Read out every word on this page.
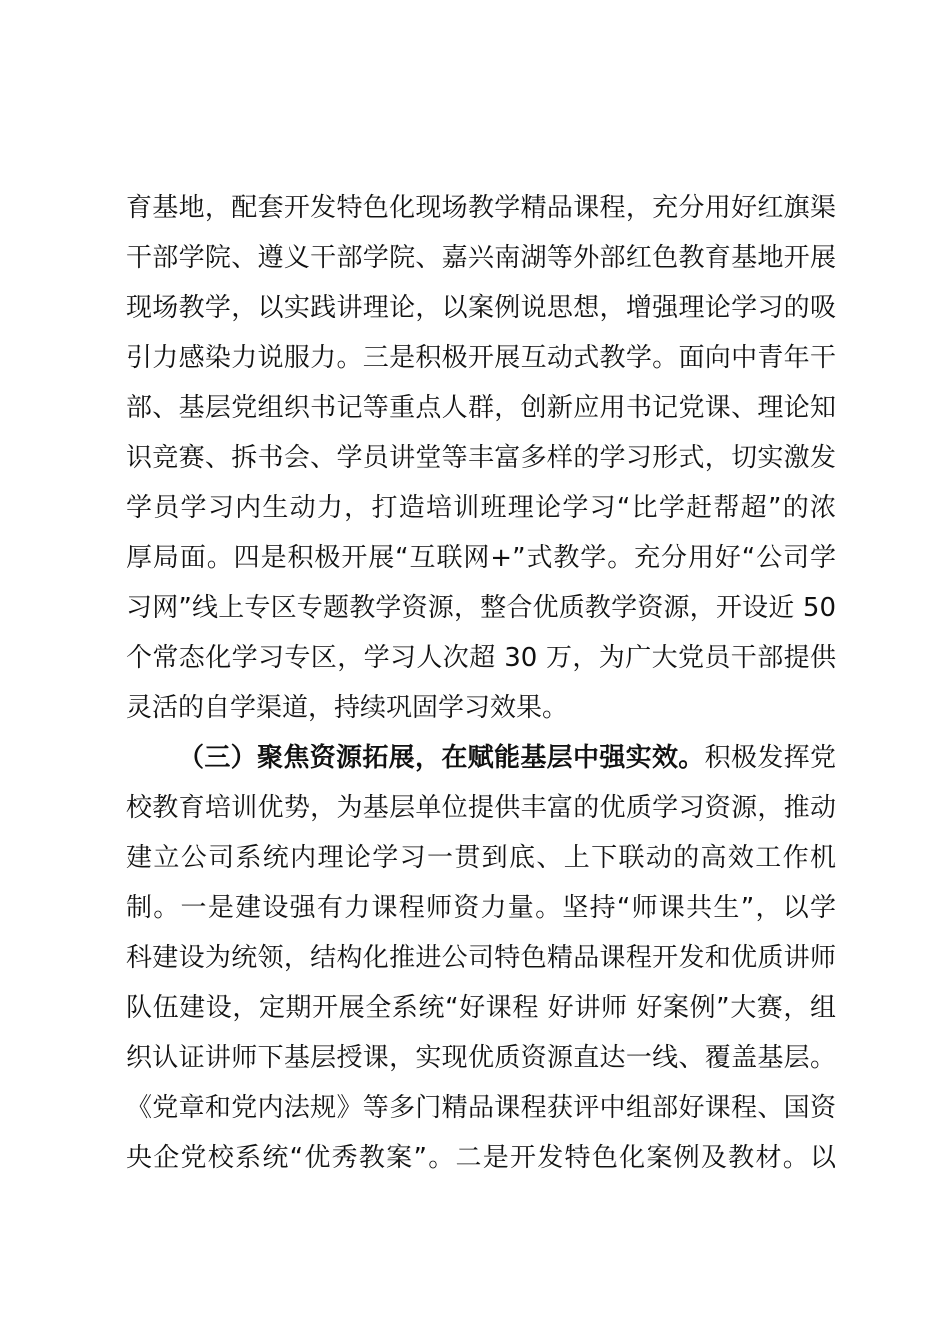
育基地，配套开发特色化现场教学精品课程，充分用好红旗渠
干部学院、遵义干部学院、嘉兴南湖等外部红色教育基地开展
现场教学，以实践讲理论，以案例说思想，增强理论学习的吸
引力感染力说服力。三是积极开展互动式教学。面向中青年干
部、基层党组织书记等重点人群，创新应用书记党课、理论知
识竞赛、拆书会、学员讲堂等丰富多样的学习形式，切实激发
学员学习内生动力，打造培训班理论学习“比学赶帮超”的浓
厚局面。四是积极开展“互联网+”式教学。充分用好“公司学
习网”线上专区专题教学资源，整合优质教学资源，开设近 50
个常态化学习专区，学习人次超 30 万，为广大党员干部提供
灵活的自学渠道，持续巩固学习效果。
（三）聚焦资源拓展，在赋能基层中强实效。积极发挥党
校教育培训优势，为基层单位提供丰富的优质学习资源，推动
建立公司系统内理论学习一贯到底、上下联动的高效工作机
制。一是建设强有力课程师资力量。坚持“师课共生”，以学
科建设为统领，结构化推进公司特色精品课程开发和优质讲师
队伍建设，定期开展全系统“好课程 好讲师 好案例”大赛，组
织认证讲师下基层授课，实现优质资源直达一线、覆盖基层。
《党章和党内法规》等多门精品课程获评中组部好课程、国资
央企党校系统“优秀教案”。二是开发特色化案例及教材。以
